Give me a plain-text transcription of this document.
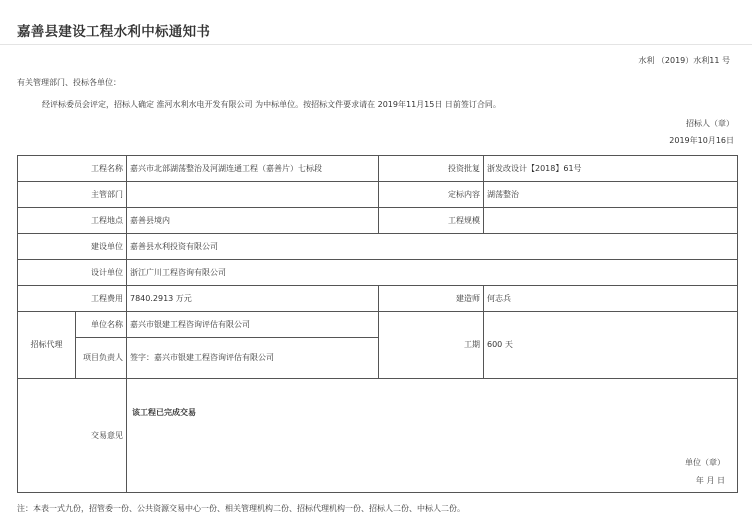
嘉善县建设工程水利中标通知书
水利 （2019）水利11 号
有关管理部门、投标各单位：
经评标委员会评定，招标人确定 淮河水利水电开发有限公司 为中标单位。按招标文件要求请在 2019年11月15日 日前签订合同。
招标人（章）
2019年10月16日
工程名称		嘉兴市北部湖荡整治及河湖连通工程（嘉善片）七标段	投资批复	浙发改设计【2018】61号
主管部门			定标内容	湖荡整治
工程地点		嘉善县境内	工程规模	
建设单位		嘉善县水利投资有限公司		
设计单位		浙江广川工程咨询有限公司		
工程费用		7840.2913 万元	建造师	何志兵
招标代理	单位名称	嘉兴市银建工程咨询评估有限公司	工期	600 天
	项目负责人	签字：嘉兴市银建工程咨询评估有限公司		
交易意见		该工程已完成交易
单位（章）
年 月 日		
注：本表一式九份，招管委一份、公共资源交易中心一份、相关管理机构二份、招标代理机构一份、招标人二份、中标人二份。
